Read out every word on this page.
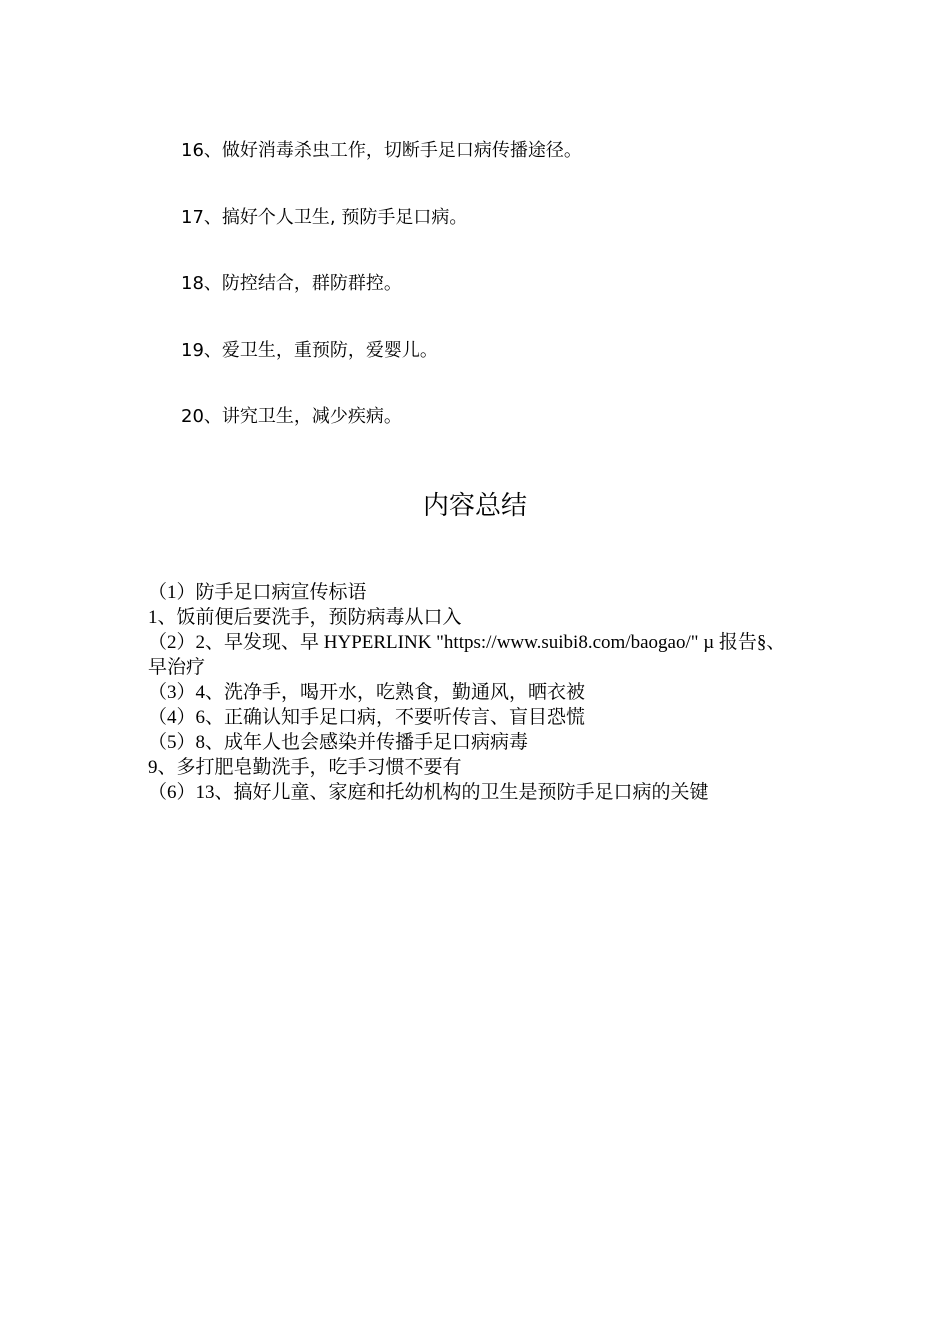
16、做好消毒杀虫工作，切断手足口病传播途径。
17、搞好个人卫生, 预防手足口病。
18、防控结合，群防群控。
19、爱卫生，重预防，爱婴儿。
20、讲究卫生，减少疾病。
内容总结
（1）防手足口病宣传标语
1、饭前便后要洗手，预防病毒从口入
（2）2、早发现、早 HYPERLINK "https://www.suibi8.com/baogao/" µ 报告§、早治疗
（3）4、洗净手，喝开水，吃熟食，勤通风，晒衣被
（4）6、正确认知手足口病，不要听传言、盲目恐慌
（5）8、成年人也会感染并传播手足口病病毒
9、多打肥皂勤洗手，吃手习惯不要有
（6）13、搞好儿童、家庭和托幼机构的卫生是预防手足口病的关键
